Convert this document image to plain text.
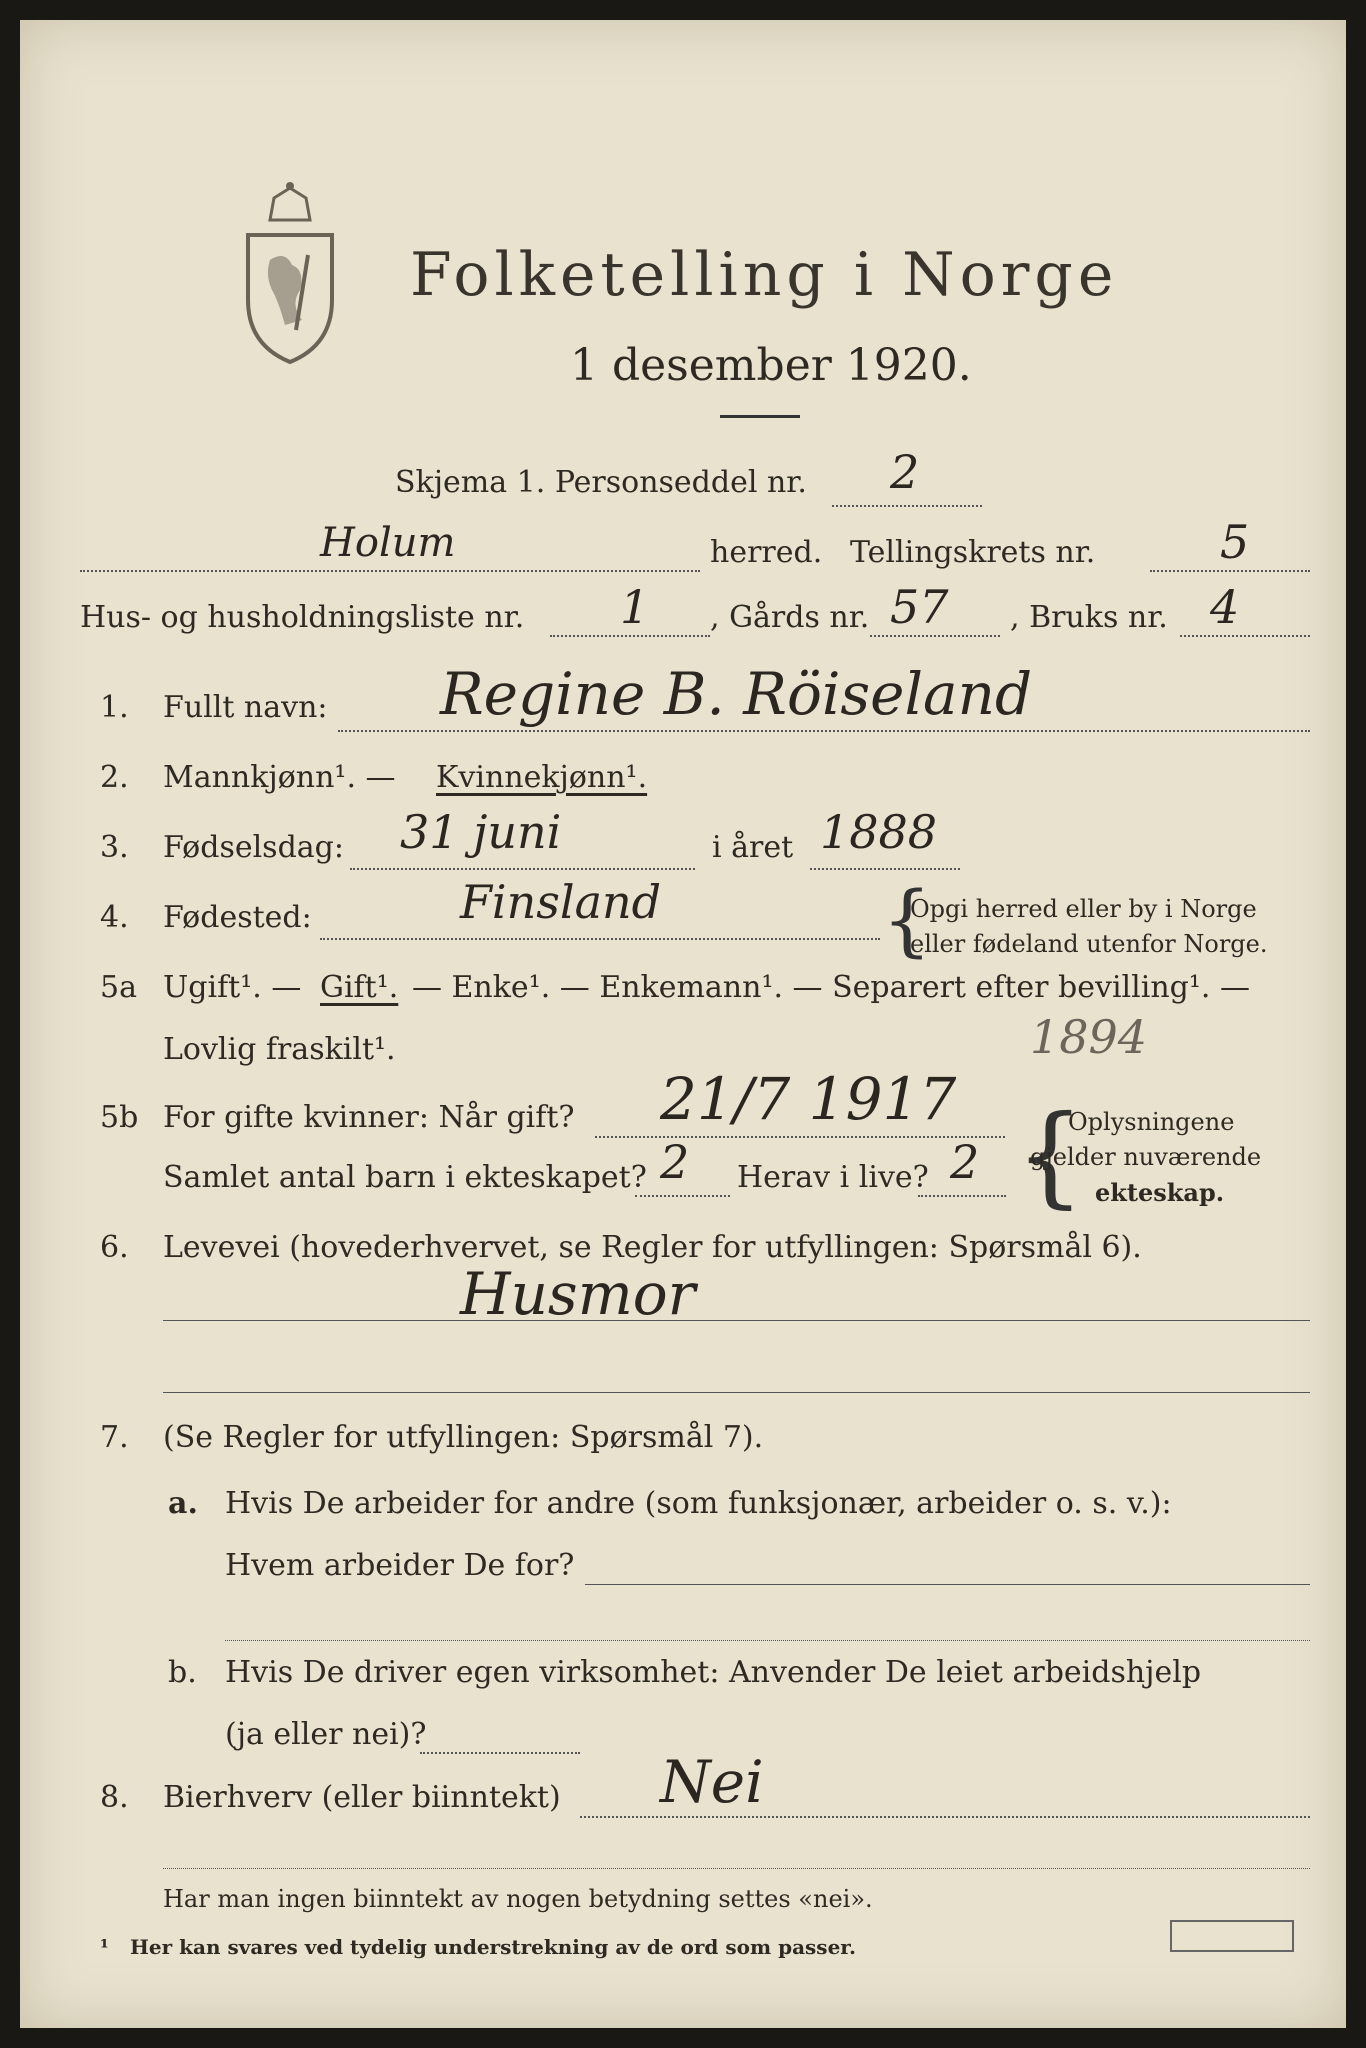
Folketelling i Norge
1 desember 1920.
Skjema 1. Personseddel nr. 2
Holum	herred. Tellingskrets nr.	5
Hus- og husholdningsliste nr. 1 , Gårds nr. 57 , Bruks nr. 4
1. Fullt navn: Regine B. Röiseland
2. Mannkjønn¹. — Kvinnekjønn¹.
3. Fødselsdag: 31 juni	i året 1888
4. Fødested:	Finsland	{
Opgi herred eller by i Norge
eller fødeland utenfor Norge.
5a Ugift¹. — Gift¹. — Enke¹. — Enkemann¹. — Separert efter bevilling¹. —
Lovlig fraskilt¹.	1894
5b For gifte kvinner: Når gift? 21/7 1917
Samlet antal barn i ekteskapet? 2 Herav i live? 2 {
Oplysningene
gjelder nuværende
ekteskap.
6. Levevei (hovederhvervet, se Regler for utfyllingen: Spørsmål 6).
Husmor
7. (Se Regler for utfyllingen: Spørsmål 7).
a. Hvis De arbeider for andre (som funksjonær, arbeider o. s. v.):
Hvem arbeider De for?
b. Hvis De driver egen virksomhet: Anvender De leiet arbeidshjelp
(ja eller nei)?
8. Bierhverv (eller biinntekt) Nei
Har man ingen biinntekt av nogen betydning settes «nei».
¹ Her kan svares ved tydelig understrekning av de ord som passer.
